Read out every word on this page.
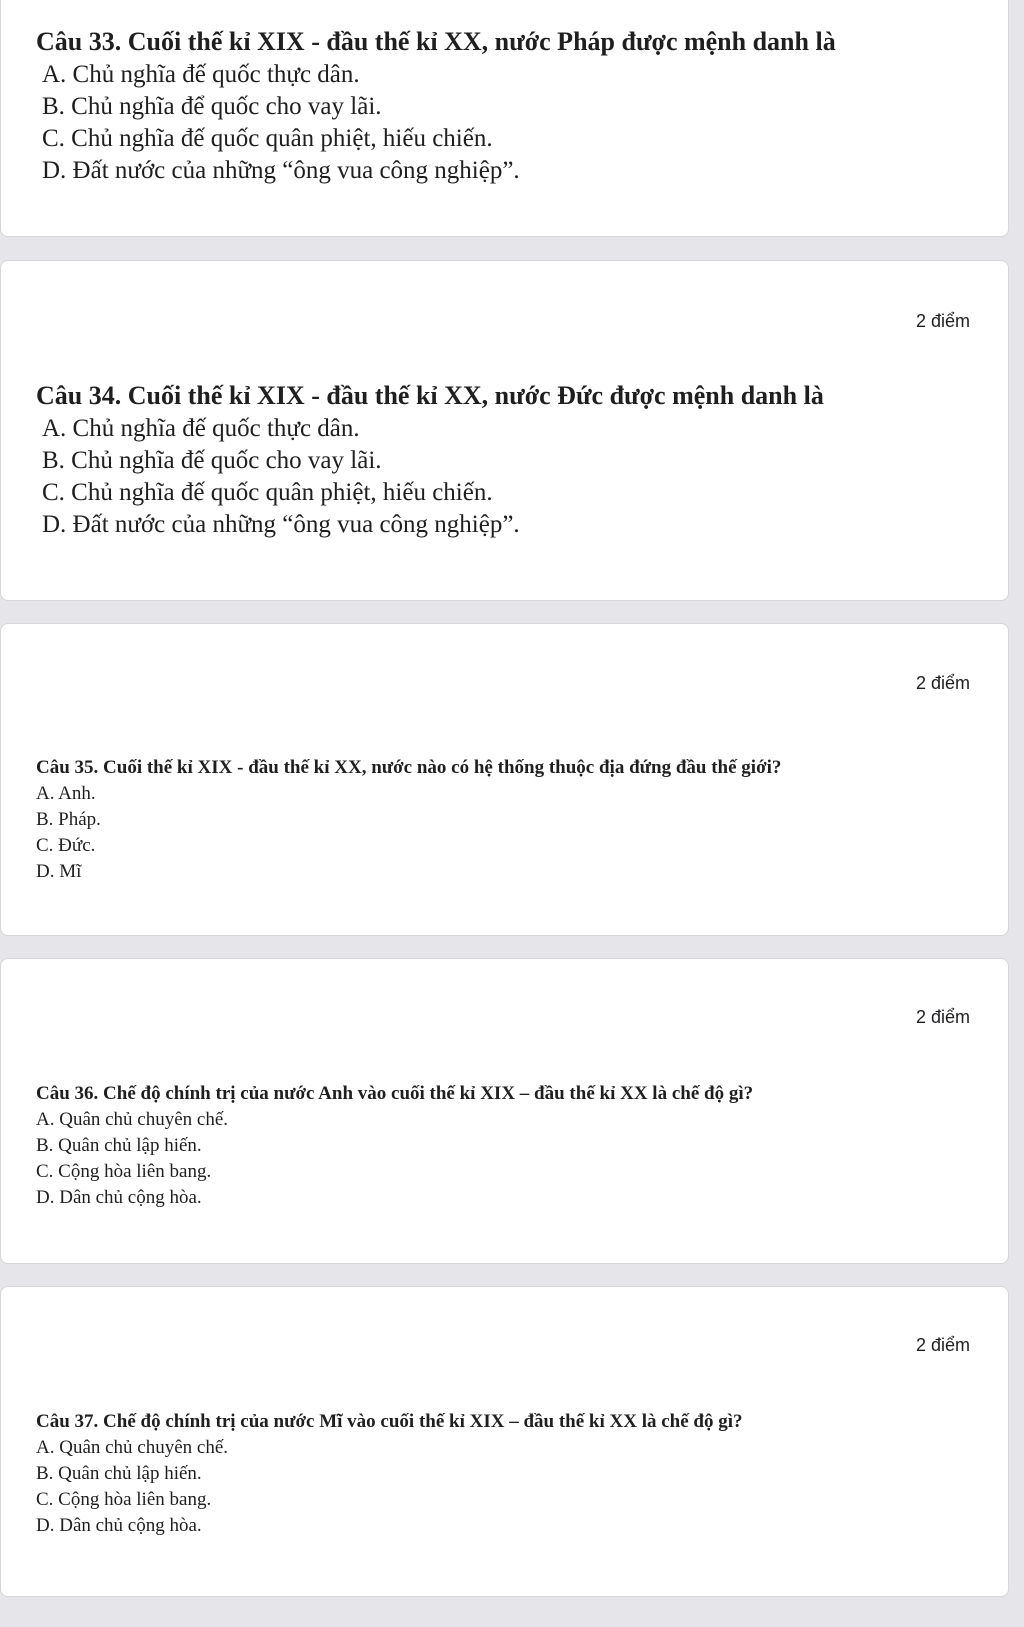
Câu 33. Cuối thế kỉ XIX - đầu thế kỉ XX, nước Pháp được mệnh danh là

A. Chủ nghĩa đế quốc thực dân.

B. Chủ nghĩa để quốc cho vay lãi.

C. Chủ nghĩa đế quốc quân phiệt, hiếu chiến.

D. Đất nước của những “ông vua công nghiệp”.

2 điểm

Câu 34. Cuối thế kỉ XIX - đầu thế kỉ XX, nước Đức được mệnh danh là

A. Chủ nghĩa đế quốc thực dân.

B. Chủ nghĩa đế quốc cho vay lãi.

C. Chủ nghĩa đế quốc quân phiệt, hiếu chiến.

D. Đất nước của những “ông vua công nghiệp”.

2 điểm

Câu 35. Cuối thế kỉ XIX - đầu thế kỉ XX, nước nào có hệ thống thuộc địa đứng đầu thế giới?

A. Anh.

B. Pháp.

C. Đức.

D. Mĩ

2 điểm

Câu 36. Chế độ chính trị của nước Anh vào cuối thế kỉ XIX – đầu thế kỉ XX là chế độ gì?

A. Quân chủ chuyên chế.

B. Quân chủ lập hiến.

C. Cộng hòa liên bang.

D. Dân chủ cộng hòa.

2 điểm

Câu 37. Chế độ chính trị của nước Mĩ vào cuối thế kỉ XIX – đầu thế kỉ XX là chế độ gì?

A. Quân chủ chuyên chế.

B. Quân chủ lập hiến.

C. Cộng hòa liên bang.

D. Dân chủ cộng hòa.
